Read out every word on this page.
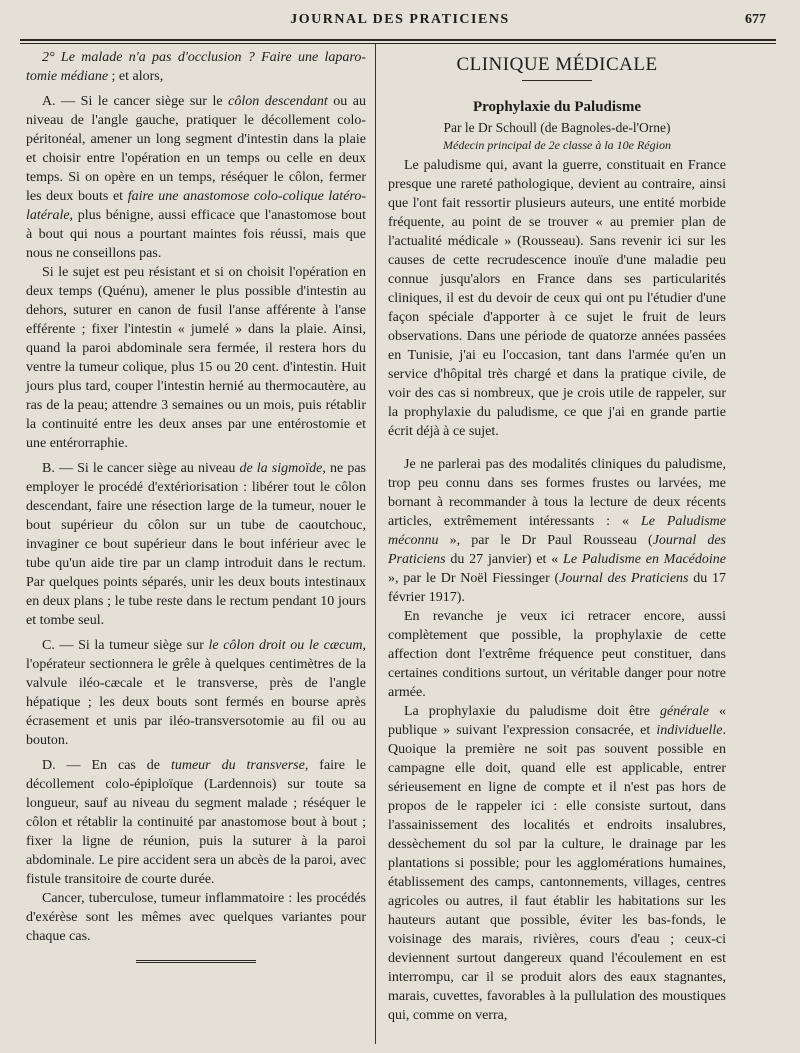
JOURNAL DES PRATICIENS	677

2° Le malade n'a pas d'occlusion ? Faire une laparo-tomie médiane ; et alors,

A. — Si le cancer siège sur le côlon descendant ou au niveau de l'angle gauche, pratiquer le décollement colo-péritonéal, amener un long segment d'intestin dans la plaie et choisir entre l'opération en un temps ou celle en deux temps. Si on opère en un temps, réséquer le côlon, fermer les deux bouts et faire une anastomose colo-colique latéro-latérale, plus bénigne, aussi efficace que l'anastomose bout à bout qui nous a pourtant maintes fois réussi, mais que nous ne conseillons pas.

Si le sujet est peu résistant et si on choisit l'opération en deux temps (Quénu), amener le plus possible d'intestin au dehors, suturer en canon de fusil l'anse afférente à l'anse efférente ; fixer l'intestin « jumelé » dans la plaie. Ainsi, quand la paroi abdominale sera fermée, il restera hors du ventre la tumeur colique, plus 15 ou 20 cent. d'intestin. Huit jours plus tard, couper l'intestin hernié au thermocautère, au ras de la peau; attendre 3 semaines ou un mois, puis rétablir la continuité entre les deux anses par une entérostomie et une entérorraphie.

B. — Si le cancer siège au niveau de la sigmoïde, ne pas employer le procédé d'extériorisation : libérer tout le côlon descendant, faire une résection large de la tumeur, nouer le bout supérieur du côlon sur un tube de caoutchouc, invaginer ce bout supérieur dans le bout inférieur avec le tube qu'un aide tire par un clamp introduit dans le rectum. Par quelques points séparés, unir les deux bouts intestinaux en deux plans ; le tube reste dans le rectum pendant 10 jours et tombe seul.

C. — Si la tumeur siège sur le côlon droit ou le cæcum, l'opérateur sectionnera le grêle à quelques centimètres de la valvule iléo-cæcale et le transverse, près de l'angle hépatique ; les deux bouts sont fermés en bourse après écrasement et unis par iléo-transversotomie au fil ou au bouton.

D. — En cas de tumeur du transverse, faire le décollement colo-épiploïque (Lardennois) sur toute sa longueur, sauf au niveau du segment malade ; réséquer le côlon et rétablir la continuité par anastomose bout à bout ; fixer la ligne de réunion, puis la suturer à la paroi abdominale. Le pire accident sera un abcès de la paroi, avec fistule transitoire de courte durée.

Cancer, tuberculose, tumeur inflammatoire : les procédés d'exérèse sont les mêmes avec quelques variantes pour chaque cas.

CLINIQUE MÉDICALE
Prophylaxie du Paludisme
Par le Dr Schoull (de Bagnoles-de-l'Orne)
Médecin principal de 2e classe à la 10e Région

Le paludisme qui, avant la guerre, constituait en France presque une rareté pathologique, devient au contraire, ainsi que l'ont fait ressortir plusieurs auteurs, une entité morbide fréquente, au point de se trouver « au premier plan de l'actualité médicale » (Rousseau). Sans revenir ici sur les causes de cette recrudescence inouïe d'une maladie peu connue jusqu'alors en France dans ses particularités cliniques, il est du devoir de ceux qui ont pu l'étudier d'une façon spéciale d'apporter à ce sujet le fruit de leurs observations. Dans une période de quatorze années passées en Tunisie, j'ai eu l'occasion, tant dans l'armée qu'en un service d'hôpital très chargé et dans la pratique civile, de voir des cas si nombreux, que je crois utile de rappeler, sur la prophylaxie du paludisme, ce que j'ai en grande partie écrit déjà à ce sujet.

Je ne parlerai pas des modalités cliniques du paludisme, trop peu connu dans ses formes frustes ou larvées, me bornant à recommander à tous la lecture de deux récents articles, extrêmement intéressants : « Le Paludisme méconnu », par le Dr Paul Rousseau (Journal des Praticiens du 27 janvier) et « Le Paludisme en Macédoine », par le Dr Noël Fiessinger (Journal des Praticiens du 17 février 1917).

En revanche je veux ici retracer encore, aussi complètement que possible, la prophylaxie de cette affection dont l'extrême fréquence peut constituer, dans certaines conditions surtout, un véritable danger pour notre armée.

La prophylaxie du paludisme doit être générale « publique » suivant l'expression consacrée, et individuelle. Quoique la première ne soit pas souvent possible en campagne elle doit, quand elle est applicable, entrer sérieusement en ligne de compte et il n'est pas hors de propos de le rappeler ici : elle consiste surtout, dans l'assainissement des localités et endroits insalubres, dessèchement du sol par la culture, le drainage par les plantations si possible; pour les agglomérations humaines, établissement des camps, cantonnements, villages, centres agricoles ou autres, il faut établir les habitations sur les hauteurs autant que possible, éviter les bas-fonds, le voisinage des marais, rivières, cours d'eau ; ceux-ci deviennent surtout dangereux quand l'écoulement en est interrompu, car il se produit alors des eaux stagnantes, marais, cuvettes, favorables à la pullulation des moustiques qui, comme on verra,
